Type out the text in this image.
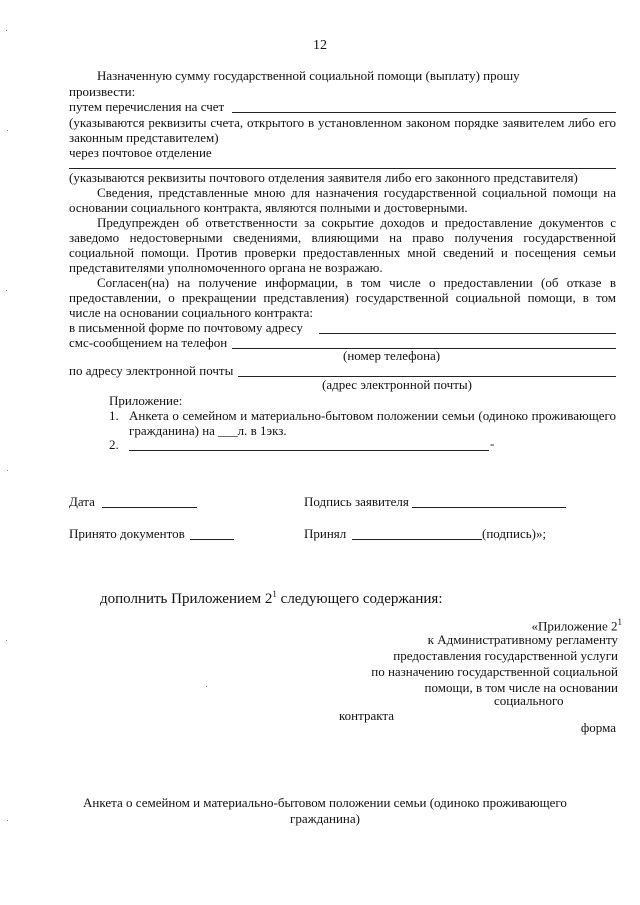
12
Назначенную сумму государственной социальной помощи (выплату) прошу
произвести:
путем перечисления на счет
(указываются реквизиты счета, открытого в установленном законом порядке заявителем либо его
законным представителем)
через почтовое отделение
(указываются реквизиты почтового отделения заявителя либо его законного представителя)
Сведения, представленные мною для назначения государственной социальной помощи на
основании социального контракта, являются полными и достоверными.
Предупрежден об ответственности за сокрытие доходов и предоставление документов с
заведомо недостоверными сведениями, влияющими на право получения государственной
социальной помощи. Против проверки предоставленных мной сведений и посещения семьи
представителями уполномоченного органа не возражаю.
Согласен(на) на получение информации, в том числе о предоставлении (об отказе в
предоставлении, о прекращении представления) государственной социальной помощи, в том
числе на основании социального контракта:
в письменной форме по почтовому адресу
смс-сообщением на телефон
(номер телефона)
по адресу электронной почты
(адрес электронной почты)
Приложение:
1. Анкета о семейном и материально-бытовом положении семьи (одиноко проживающего
гражданина) на ___л. в 1экз.
2.	-
Дата	Подпись заявителя
Принято документов	Принял	(подпись)»;
дополнить Приложением $2^1$ следующего содержания:
«Приложение $2^1$
к Административному регламенту
предоставления государственной услуги
по назначению государственной социальной
помощи, в том числе на основании
социального
контракта
форма
Анкета о семейном и материально-бытовом положении семьи (одиноко проживающего
гражданина)
